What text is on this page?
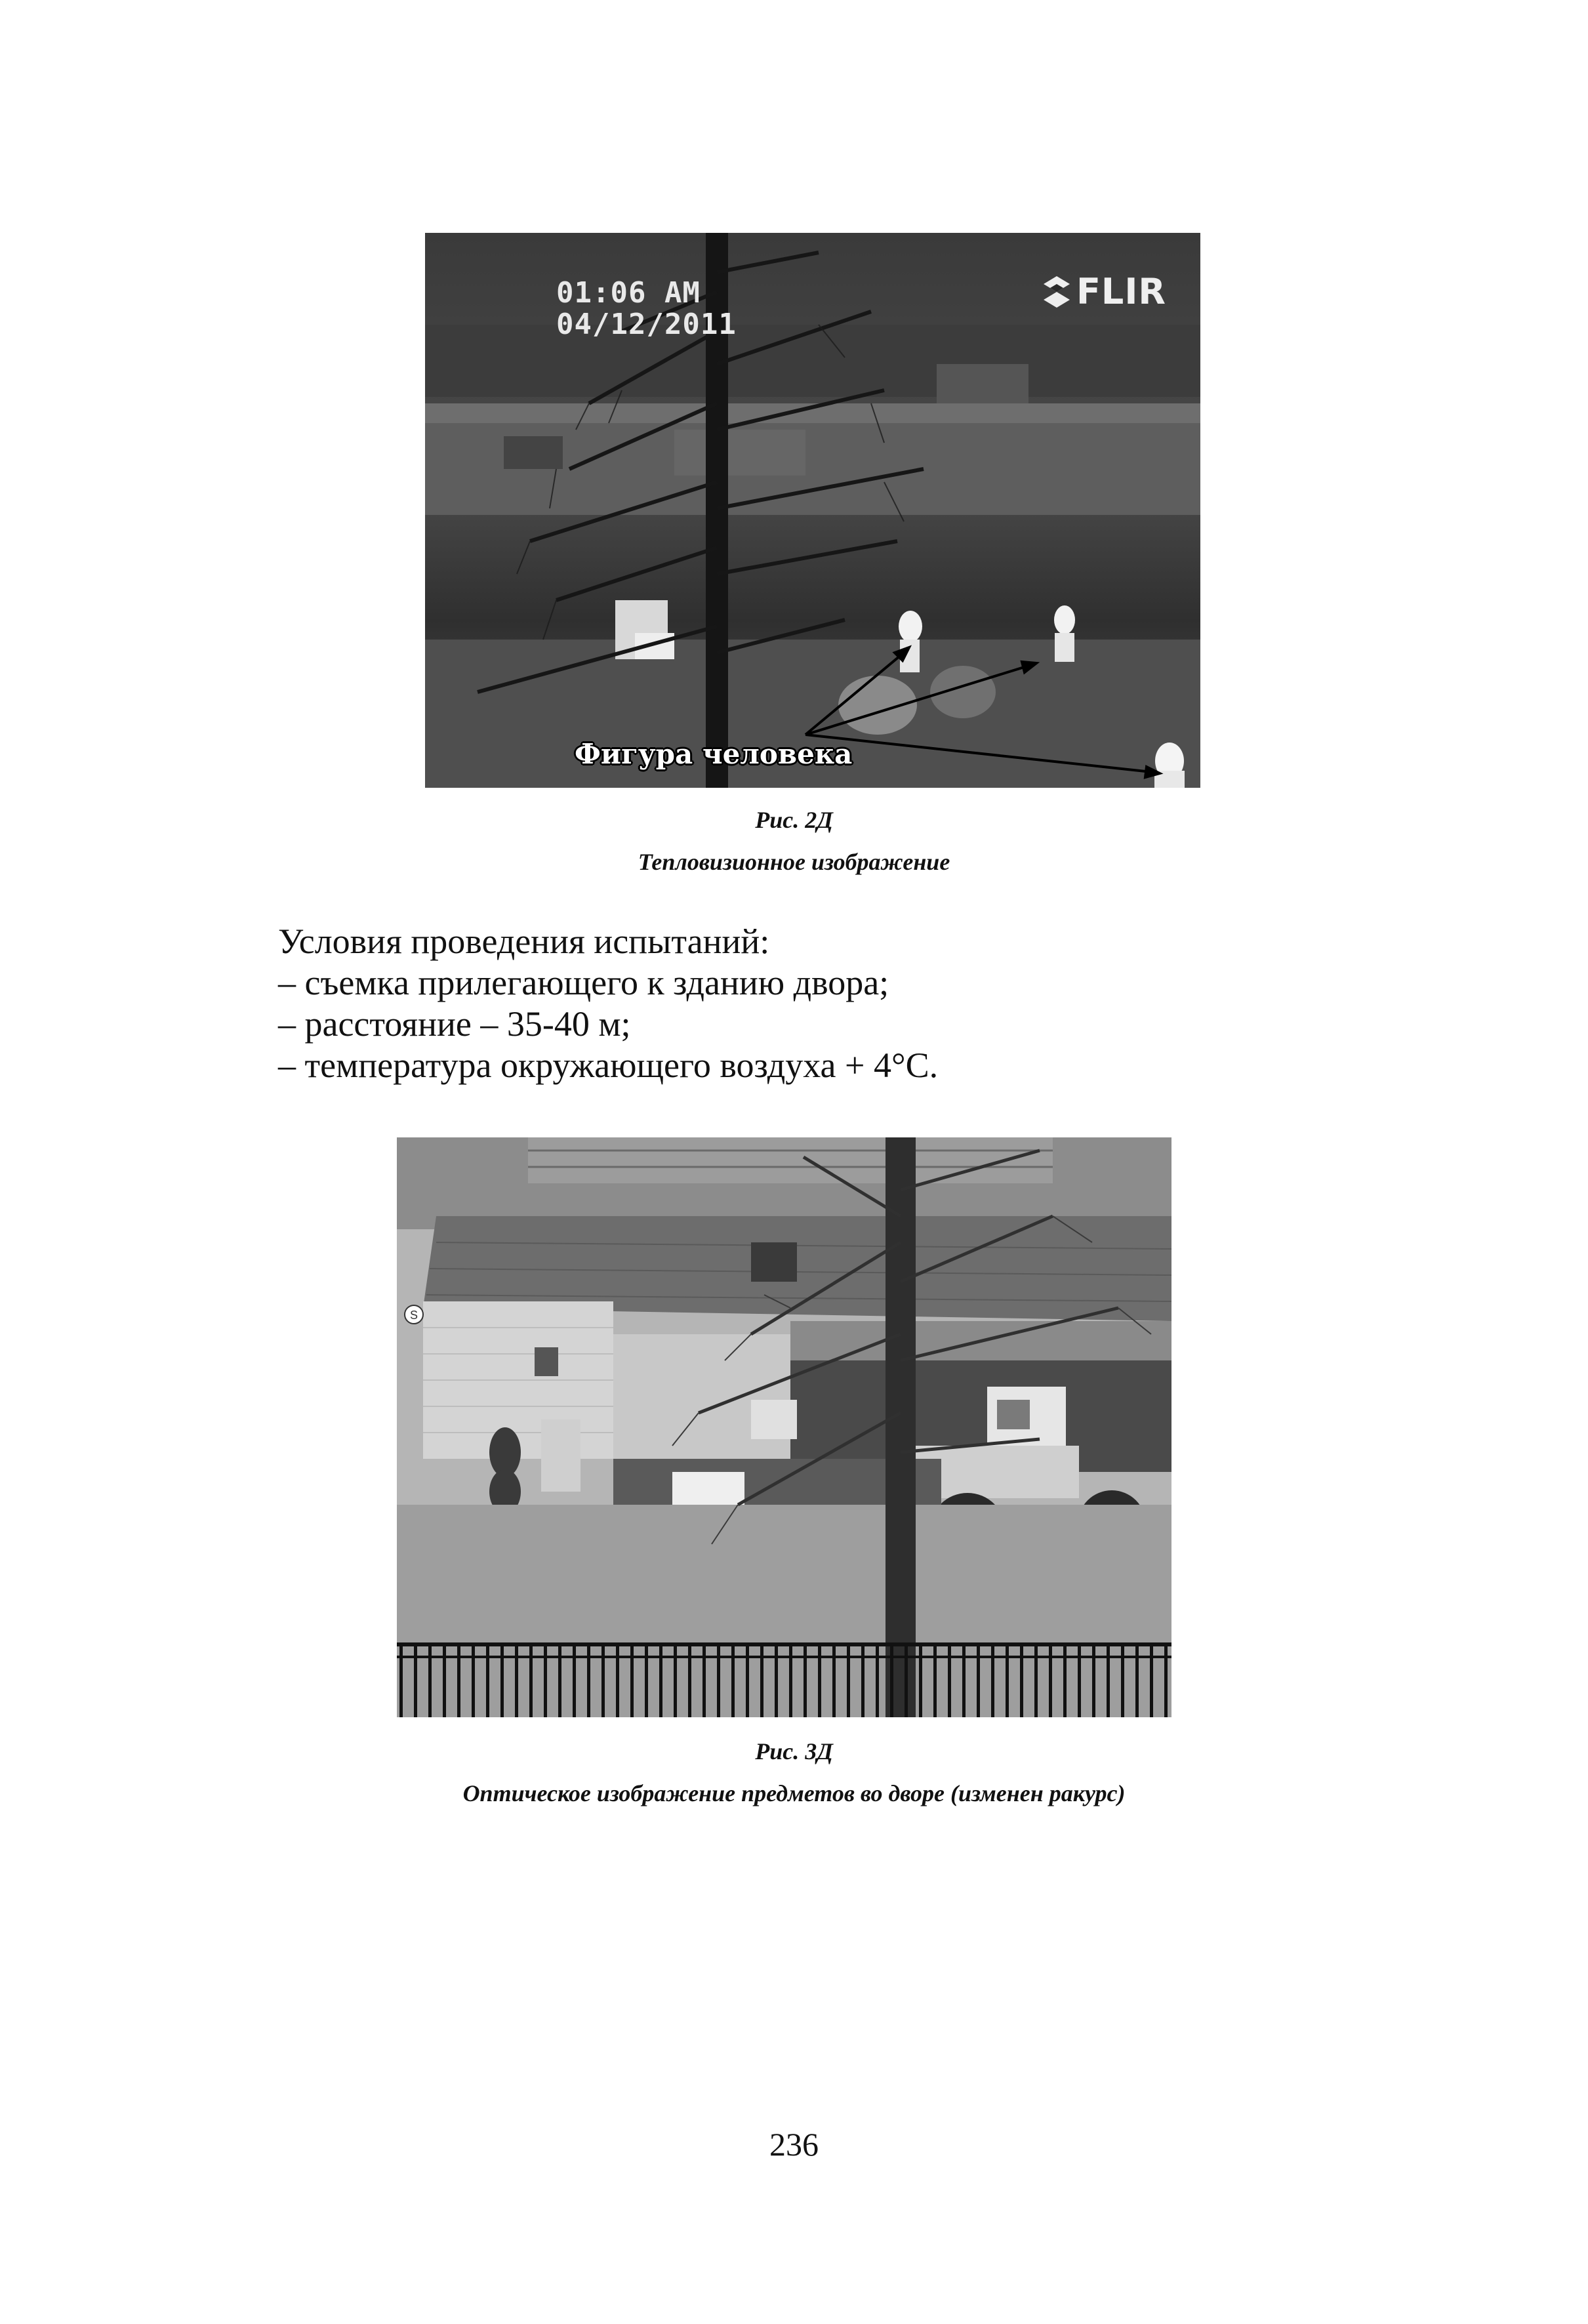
01:06 AM
04/12/2011
FLIR
Фигура человека
Рис. 2Д
Тепловизионное изображение
Условия проведения испытаний:
– съемка прилегающего к зданию двора;
– расстояние – 35-40 м;
– температура окружающего воздуха + 4°С.
S
Рис. 3Д
Оптическое изображение предметов во дворе (изменен ракурс)
236
